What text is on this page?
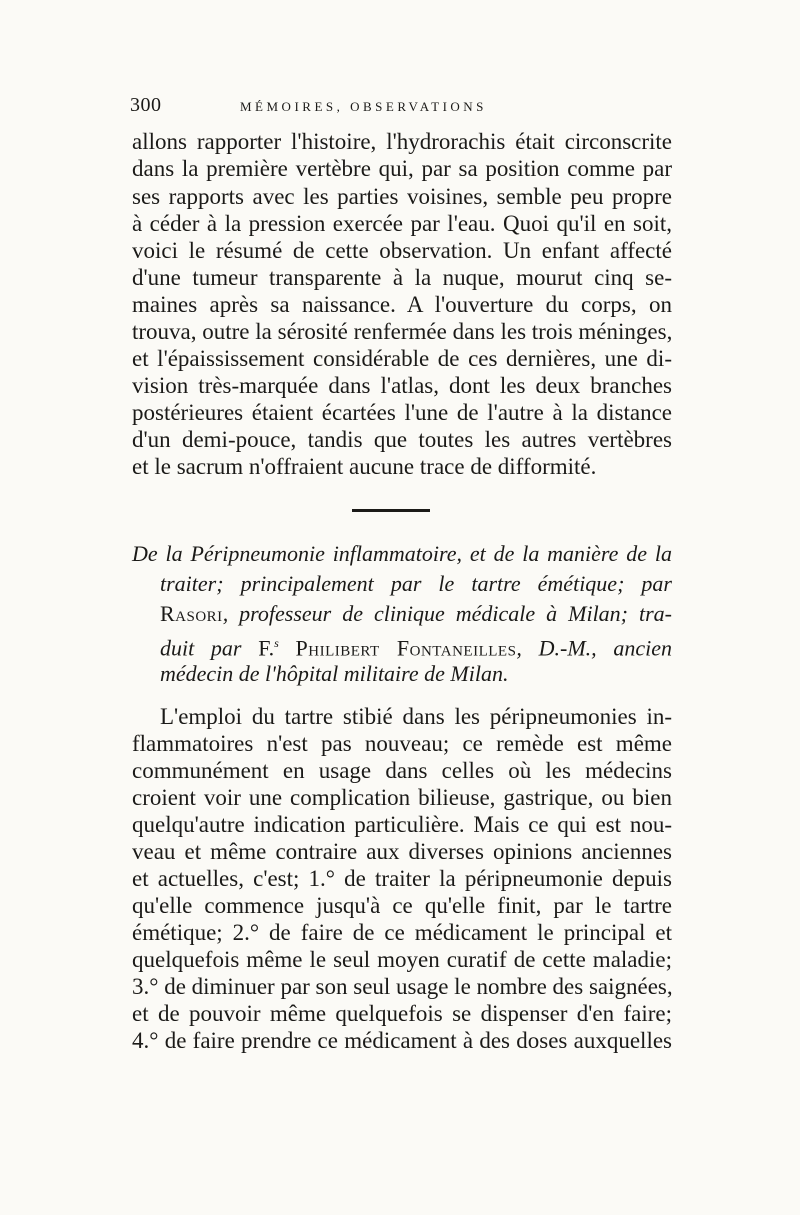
300	MÉMOIRES, OBSERVATIONS
allons rapporter l'histoire, l'hydrorachis était circonscrite
dans la première vertèbre qui, par sa position comme par
ses rapports avec les parties voisines, semble peu propre
à céder à la pression exercée par l'eau. Quoi qu'il en soit,
voici le résumé de cette observation. Un enfant affecté
d'une tumeur transparente à la nuque, mourut cinq se-
maines après sa naissance. A l'ouverture du corps, on
trouva, outre la sérosité renfermée dans les trois méninges,
et l'épaississement considérable de ces dernières, une di-
vision très-marquée dans l'atlas, dont les deux branches
postérieures étaient écartées l'une de l'autre à la distance
d'un demi-pouce, tandis que toutes les autres vertèbres
et le sacrum n'offraient aucune trace de difformité.
De la Péripneumonie inflammatoire, et de la manière de la
traiter; principalement par le tartre émétique; par
Rasori, professeur de clinique médicale à Milan; tra-
duit par F.$^s$ Philibert Fontaneilles, D.-M., ancien
médecin de l'hôpital militaire de Milan.
L'emploi du tartre stibié dans les péripneumonies in-
flammatoires n'est pas nouveau; ce remède est même
communément en usage dans celles où les médecins
croient voir une complication bilieuse, gastrique, ou bien
quelqu'autre indication particulière. Mais ce qui est nou-
veau et même contraire aux diverses opinions anciennes
et actuelles, c'est; 1.° de traiter la péripneumonie depuis
qu'elle commence jusqu'à ce qu'elle finit, par le tartre
émétique; 2.° de faire de ce médicament le principal et
quelquefois même le seul moyen curatif de cette maladie;
3.° de diminuer par son seul usage le nombre des saignées,
et de pouvoir même quelquefois se dispenser d'en faire;
4.° de faire prendre ce médicament à des doses auxquelles
